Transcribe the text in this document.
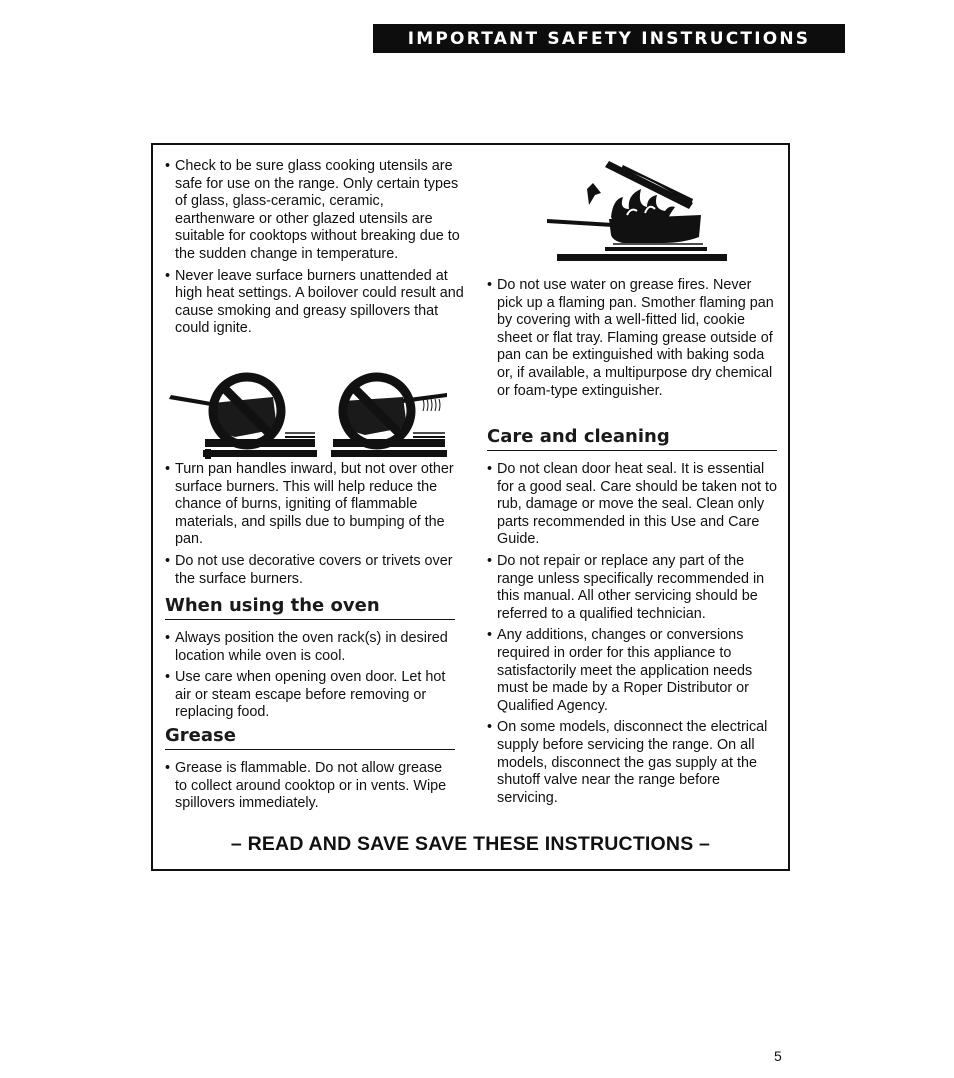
IMPORTANT SAFETY INSTRUCTIONS
• Check to be sure glass cooking utensils are safe for use on the range. Only certain types of glass, glass-ceramic, ceramic, earthenware or other glazed utensils are suitable for cooktops without breaking due to the sudden change in temperature.
• Never leave surface burners unattended at high heat settings. A boilover could result and cause smoking and greasy spillovers that could ignite.
• Turn pan handles inward, but not over other surface burners. This will help reduce the chance of burns, igniting of flammable materials, and spills due to bumping of the pan.
• Do not use decorative covers or trivets over the surface burners.
When using the oven
• Always position the oven rack(s) in desired location while oven is cool.
• Use care when opening oven door. Let hot air or steam escape before removing or replacing food.
Grease
• Grease is flammable. Do not allow grease to collect around cooktop or in vents. Wipe spillovers immediately.
• Do not use water on grease fires. Never pick up a flaming pan. Smother flaming pan by covering with a well-fitted lid, cookie sheet or flat tray. Flaming grease outside of pan can be extinguished with baking soda or, if available, a multipurpose dry chemical or foam-type extinguisher.
Care and cleaning
• Do not clean door heat seal. It is essential for a good seal. Care should be taken not to rub, damage or move the seal. Clean only parts recommended in this Use and Care Guide.
• Do not repair or replace any part of the range unless specifically recommended in this manual. All other servicing should be referred to a qualified technician.
• Any additions, changes or conversions required in order for this appliance to satisfactorily meet the application needs must be made by a Roper Distributor or Qualified Agency.
• On some models, disconnect the electrical supply before servicing the range. On all models, disconnect the gas supply at the shutoff valve near the range before servicing.
– READ AND SAVE SAVE THESE INSTRUCTIONS –
5
